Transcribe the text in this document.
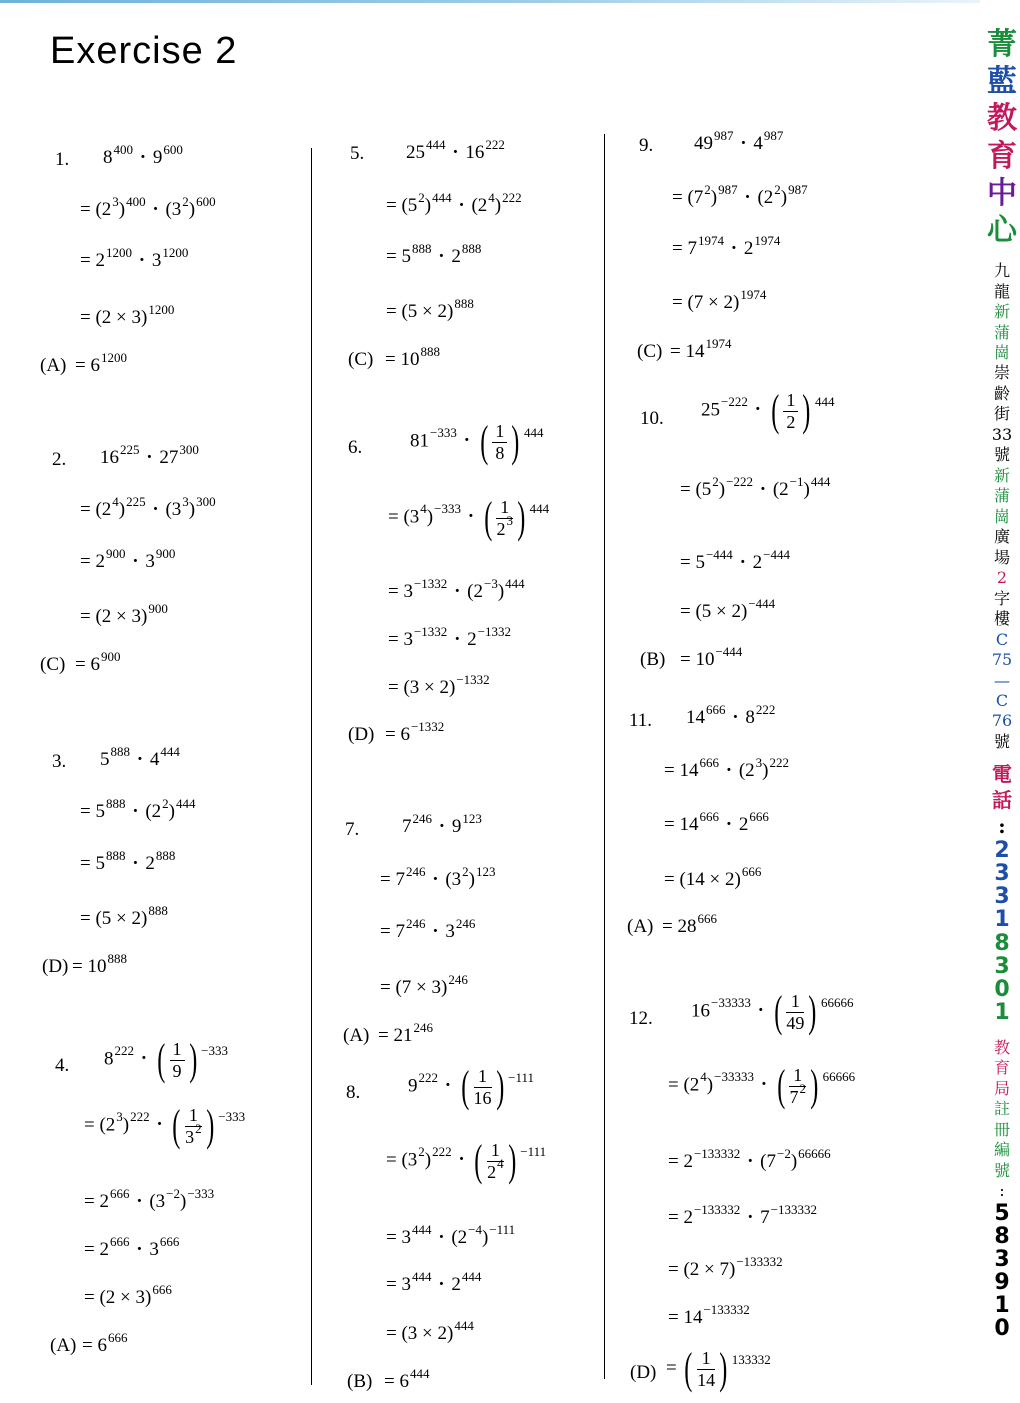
Exercise 2
1. $8^{400} \cdot 9^{600}$
= $(2^3)^{400} \cdot (3^2)^{600}$
= $2^{1200} \cdot 3^{1200}$
= $(2 \times 3)^{1200}$
= $6^{1200}$
(A)
2. $16^{225} \cdot 27^{300}$
= $(2^4)^{225} \cdot (3^3)^{300}$
= $2^{900} \cdot 3^{900}$
= $(2 \times 3)^{900}$
= $6^{900}$
(C)
3. $5^{888} \cdot 4^{444}$
= $5^{888} \cdot (2^2)^{444}$
= $5^{888} \cdot 2^{888}$
= $(5 \times 2)^{888}$
= $10^{888}$
(D)
4. $8^{222}$ · ( $\frac{1}{9}$ ) $^{-333}$
= $(2^3)^{222}$ · ( $\frac{1}{3^2}$ ) $^{-333}$
= $2^{666} \cdot (3^{-2})^{-333}$
= $2^{666} \cdot 3^{666}$
= $(2 \times 3)^{666}$
= $6^{666}$
(A)
5. $25^{444} \cdot 16^{222}$
= $(5^2)^{444} \cdot (2^4)^{222}$
= $5^{888} \cdot 2^{888}$
= $(5 \times 2)^{888}$
= $10^{888}$
(C)
6.	$81^{-333}$ · ( $\frac{1}{8}$ ) $^{444}$
= $(3^4)^{-333}$ · ( $\frac{1}{2^3}$ ) $^{444}$
= $3^{-1332} \cdot (2^{-3})^{444}$
= $3^{-1332} \cdot 2^{-1332}$
= $(3 \times 2)^{-1332}$
= $6^{-1332}$
(D)
7. $7^{246} \cdot 9^{123}$
= $7^{246} \cdot (3^2)^{123}$
= $7^{246} \cdot 3^{246}$
= $(7 \times 3)^{246}$
= $21^{246}$
(A)
8.	$9^{222}$ · ( $\frac{1}{16}$ ) $^{-111}$
= $(3^2)^{222}$ · ( $\frac{1}{2^4}$ ) $^{-111}$
= $3^{444} \cdot (2^{-4})^{-111}$
= $3^{444} \cdot 2^{444}$
= $(3 \times 2)^{444}$
= $6^{444}$
(B)
9. $49^{987} \cdot 4^{987}$
= $(7^2)^{987} \cdot (2^2)^{987}$
= $7^{1974} \cdot 2^{1974}$
= $(7 \times 2)^{1974}$
= $14^{1974}$
(C)
10. $25^{-222}$ · ( $\frac{1}{2}$ ) $^{444}$
= $(5^2)^{-222} \cdot (2^{-1})^{444}$
= $5^{-444} \cdot 2^{-444}$
= $(5 \times 2)^{-444}$
= $10^{-444}$
(B)
11. $14^{666} \cdot 8^{222}$
= $14^{666} \cdot (2^3)^{222}$
= $14^{666} \cdot 2^{666}$
= $(14 \times 2)^{666}$
= $28^{666}$
(A)
12. $16^{-33333}$ · ( $\frac{1}{49}$ ) $^{66666}$
= $(2^4)^{-33333}$ · ( $\frac{1}{7^2}$ ) $^{66666}$
= $2^{-133332} \cdot (7^{-2})^{66666}$
= $2^{-133332} \cdot 7^{-133332}$
= $(2 \times 7)^{-133332}$
= $14^{-133332}$
= ( $\frac{1}{14}$ ) $^{133332}$
(D)
菁
藍
教
育
中
心
九
龍
新
蒲
崗
崇
齡
街
33
號
新
蒲
崗
廣
場
2
字
樓
C
75
—
C
76
號
電
話
:
2
3
3
1
8
3
0
1
教
育
局
註
冊
編
號
:
5
8
3
9
1
0
